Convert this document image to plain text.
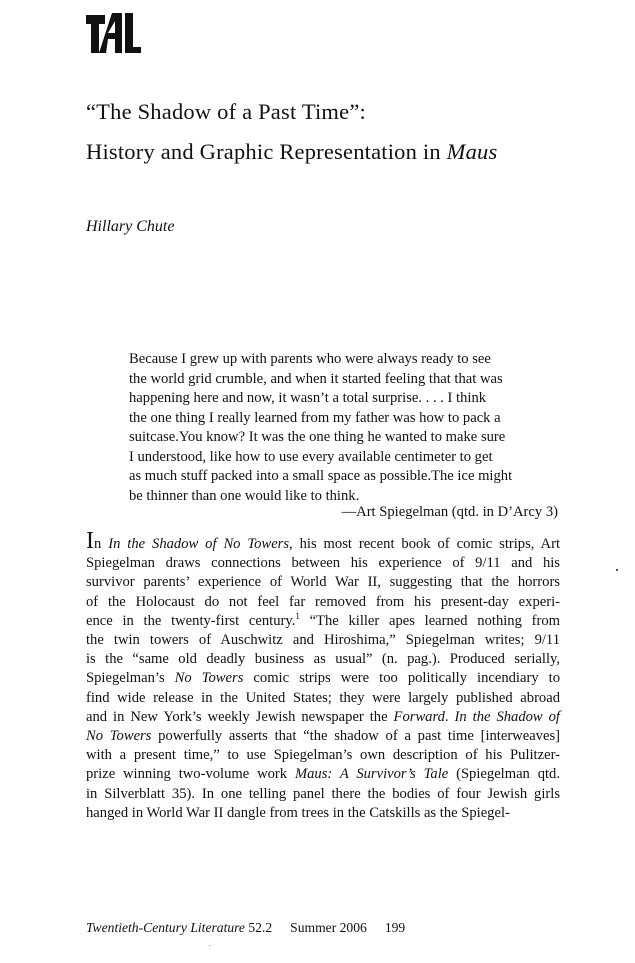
“The Shadow of a Past Time”:
History and Graphic Representation in Maus

Hillary Chute

Because I grew up with parents who were always ready to see
the world grid crumble, and when it started feeling that that was
happening here and now, it wasn’t a total surprise. . . . I think
the one thing I really learned from my father was how to pack a
suitcase.You know? It was the one thing he wanted to make sure
I understood, like how to use every available centimeter to get
as much stuff packed into a small space as possible.The ice might
be thinner than one would like to think.

—Art Spiegelman (qtd. in D’Arcy 3)

In In the Shadow of No Towers, his most recent book of comic strips, Art
Spiegelman draws connections between his experience of 9/11 and his
survivor parents’ experience of World War II, suggesting that the horrors
of the Holocaust do not feel far removed from his present-day experi-
ence in the twenty-first century.$^1$ “The killer apes learned nothing from
the twin towers of Auschwitz and Hiroshima,” Spiegelman writes; 9/11
is the “same old deadly business as usual” (n. pag.). Produced serially,
Spiegelman’s No Towers comic strips were too politically incendiary to
find wide release in the United States; they were largely published abroad
and in New York’s weekly Jewish newspaper the Forward. In the Shadow of
No Towers powerfully asserts that “the shadow of a past time [interweaves]
with a present time,” to use Spiegelman’s own description of his Pulitzer-
prize winning two-volume work Maus: A Survivor’s Tale (Spiegelman qtd.
in Silverblatt 35). In one telling panel there the bodies of four Jewish girls
hanged in World War II dangle from trees in the Catskills as the Spiegel-

Twentieth-Century Literature 52.2 Summer 2006 199
